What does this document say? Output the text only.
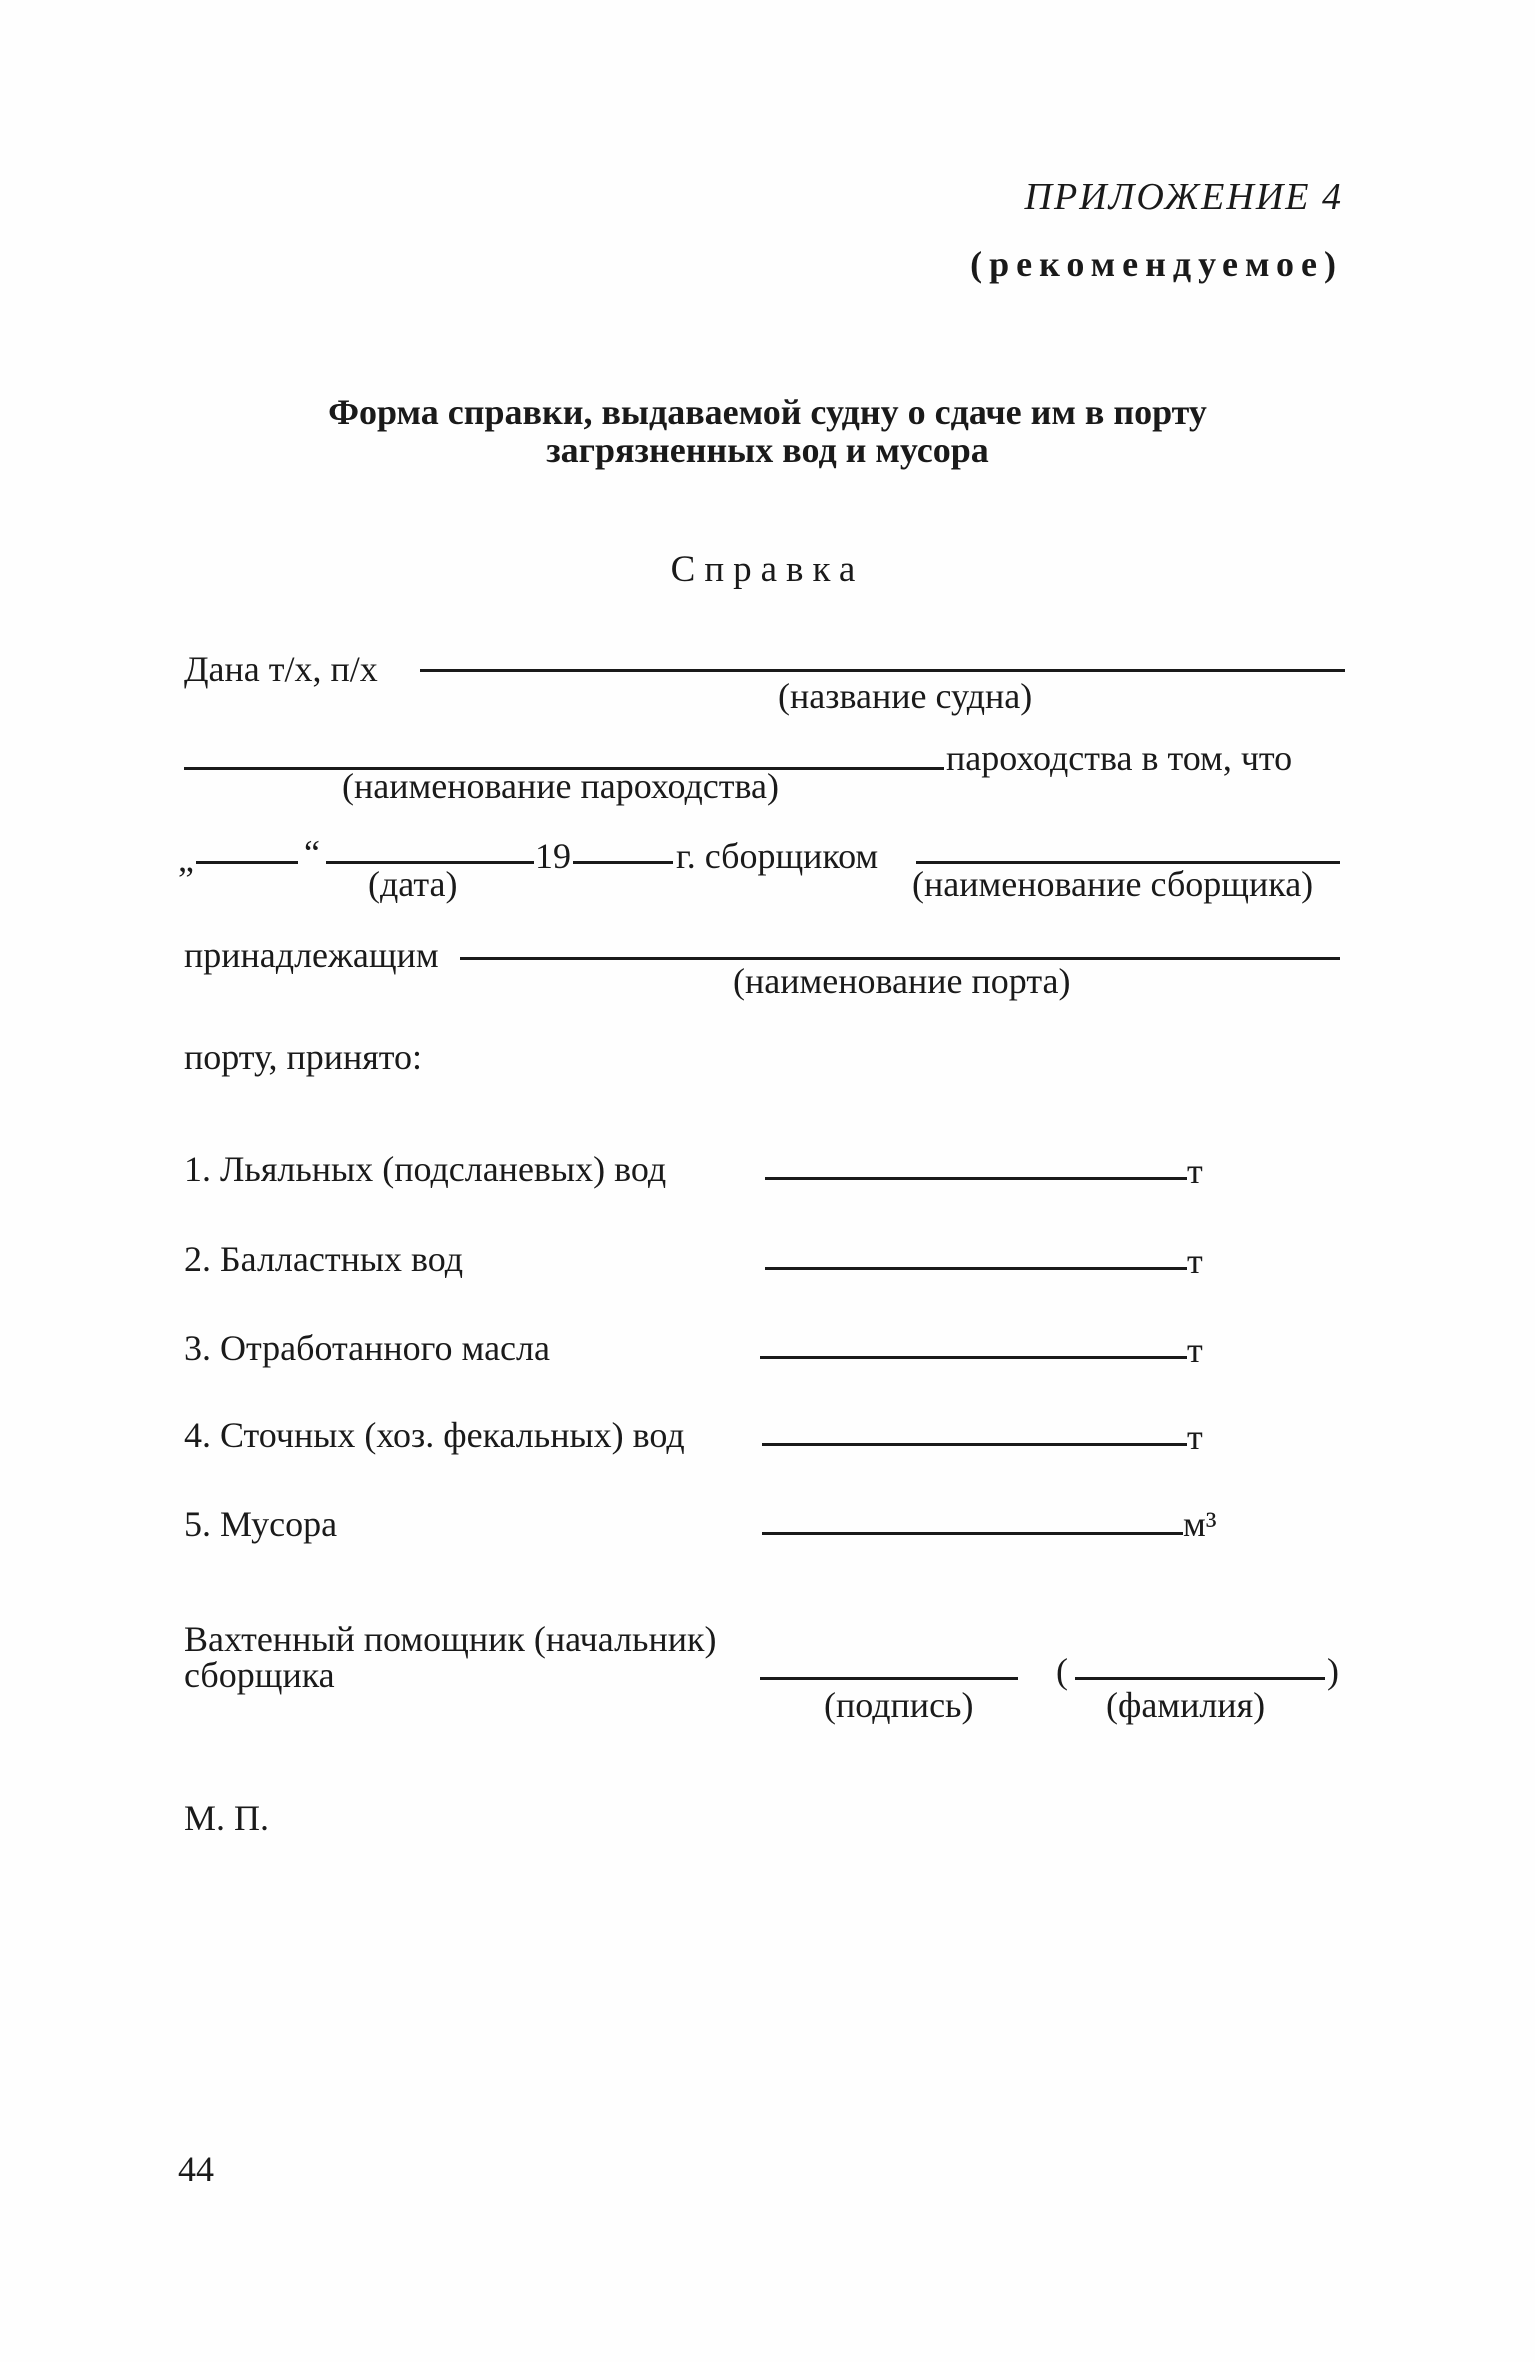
ПРИЛОЖЕНИЕ 4
(рекомендуемое)
Форма справки, выдаваемой судну о сдаче им в порту
загрязненных вод и мусора
Справка
Дана т/х, п/х
(название судна)
пароходства в том, что
(наименование пароходства)
„	“	19	г. сборщиком
(дата)	(наименование сборщика)
принадлежащим
(наименование порта)
порту, принято:
1. Льяльных (подсланевых) вод	т
2. Балластных вод	т
3. Отработанного масла	т
4. Сточных (хоз. фекальных) вод	т
5. Мусора	м³
Вахтенный помощник (начальник)
сборщика
(подпись)
(	)
(фамилия)
М. П.
44
